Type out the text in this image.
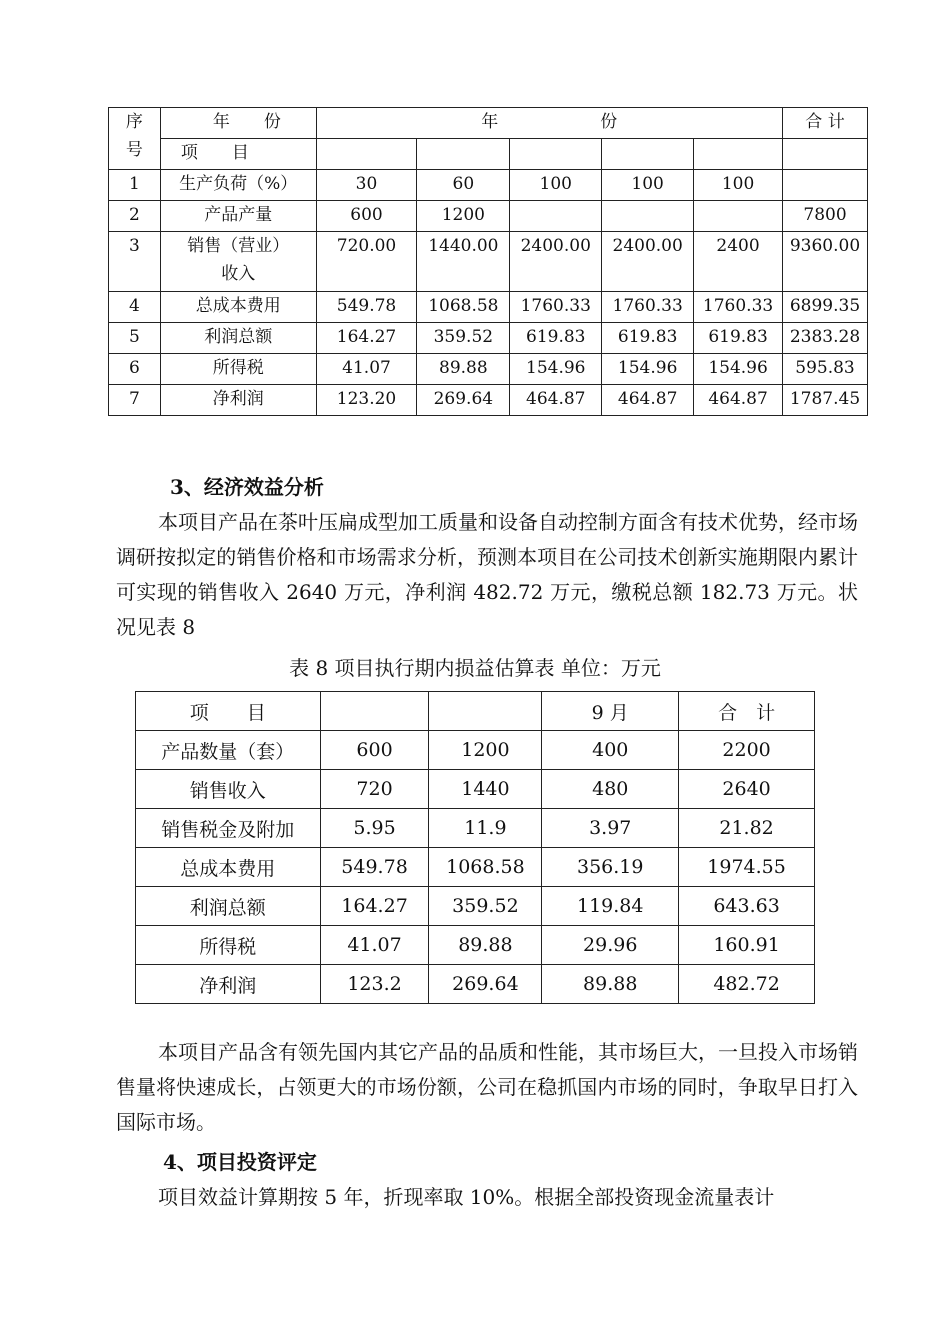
序
号	年　　份	年　　　　　　份					合 计
	项　　目						
1	生产负荷（%）	30	60	100	100	100	
2	产品产量	600	1200				7800
3	销售（营业）
收入	720.00	1440.00	2400.00	2400.00	2400	9360.00
4	总成本费用	549.78	1068.58	1760.33	1760.33	1760.33	6899.35
5	利润总额	164.27	359.52	619.83	619.83	619.83	2383.28
6	所得税	41.07	89.88	154.96	154.96	154.96	595.83
7	净利润	123.20	269.64	464.87	464.87	464.87	1787.45
3、经济效益分析
本项目产品在茶叶压扁成型加工质量和设备自动控制方面含有技术优势，经市场调研按拟定的销售价格和市场需求分析，预测本项目在公司技术创新实施期限内累计可实现的销售收入 2640 万元，净利润 482.72 万元，缴税总额 182.73 万元。状况见表 8
表 8 项目执行期内损益估算表 单位：万元
项　　目			9 月	合　计
产品数量（套）	600	1200	400	2200
销售收入	720	1440	480	2640
销售税金及附加	5.95	11.9	3.97	21.82
总成本费用	549.78	1068.58	356.19	1974.55
利润总额	164.27	359.52	119.84	643.63
所得税	41.07	89.88	29.96	160.91
净利润	123.2	269.64	89.88	482.72
本项目产品含有领先国内其它产品的品质和性能，其市场巨大，一旦投入市场销售量将快速成长，占领更大的市场份额，公司在稳抓国内市场的同时，争取早日打入国际市场。
4、项目投资评定
项目效益计算期按 5 年，折现率取 10%。根据全部投资现金流量表计
